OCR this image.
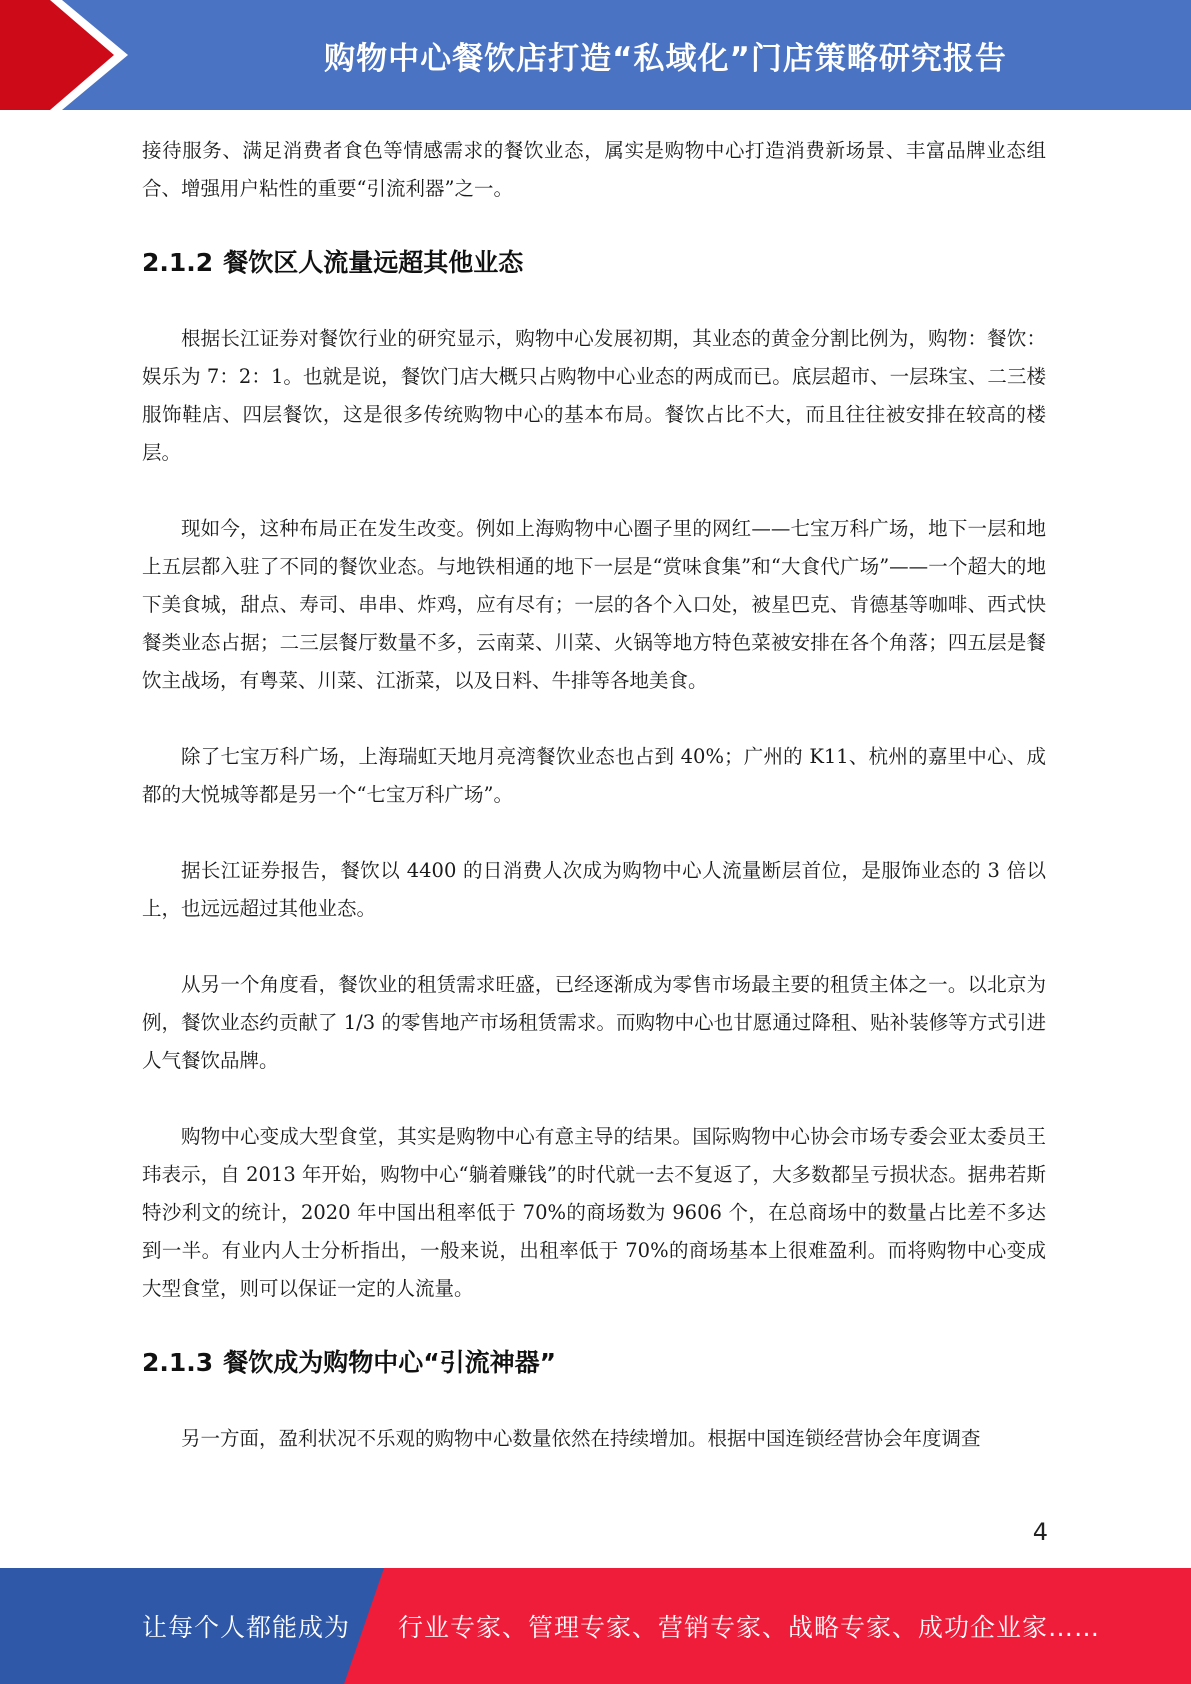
购物中心餐饮店打造“私域化”门店策略研究报告

接待服务、满足消费者食色等情感需求的餐饮业态，属实是购物中心打造消费新场景、丰富品牌业态组合、增强用户粘性的重要“引流利器”之一。

2.1.2 餐饮区人流量远超其他业态

根据长江证券对餐饮行业的研究显示，购物中心发展初期，其业态的黄金分割比例为，购物：餐饮：娱乐为 7：2：1。也就是说，餐饮门店大概只占购物中心业态的两成而已。底层超市、一层珠宝、二三楼服饰鞋店、四层餐饮，这是很多传统购物中心的基本布局。餐饮占比不大，而且往往被安排在较高的楼层。

现如今，这种布局正在发生改变。例如上海购物中心圈子里的网红——七宝万科广场，地下一层和地上五层都入驻了不同的餐饮业态。与地铁相通的地下一层是“赏味食集”和“大食代广场”——一个超大的地下美食城，甜点、寿司、串串、炸鸡，应有尽有；一层的各个入口处，被星巴克、肯德基等咖啡、西式快餐类业态占据；二三层餐厅数量不多，云南菜、川菜、火锅等地方特色菜被安排在各个角落；四五层是餐饮主战场，有粤菜、川菜、江浙菜，以及日料、牛排等各地美食。

除了七宝万科广场，上海瑞虹天地月亮湾餐饮业态也占到 40%；广州的 K11、杭州的嘉里中心、成都的大悦城等都是另一个“七宝万科广场”。

据长江证券报告，餐饮以 4400 的日消费人次成为购物中心人流量断层首位，是服饰业态的 3 倍以上，也远远超过其他业态。

从另一个角度看，餐饮业的租赁需求旺盛，已经逐渐成为零售市场最主要的租赁主体之一。以北京为例，餐饮业态约贡献了 1/3 的零售地产市场租赁需求。而购物中心也甘愿通过降租、贴补装修等方式引进人气餐饮品牌。

购物中心变成大型食堂，其实是购物中心有意主导的结果。国际购物中心协会市场专委会亚太委员王玮表示，自 2013 年开始，购物中心“躺着赚钱”的时代就一去不复返了，大多数都呈亏损状态。据弗若斯特沙利文的统计，2020 年中国出租率低于 70%的商场数为 9606 个，在总商场中的数量占比差不多达到一半。有业内人士分析指出，一般来说，出租率低于 70%的商场基本上很难盈利。而将购物中心变成大型食堂，则可以保证一定的人流量。

2.1.3 餐饮成为购物中心“引流神器”

另一方面，盈利状况不乐观的购物中心数量依然在持续增加。根据中国连锁经营协会年度调查

4
让每个人都能成为 行业专家、管理专家、营销专家、战略专家、成功企业家……
